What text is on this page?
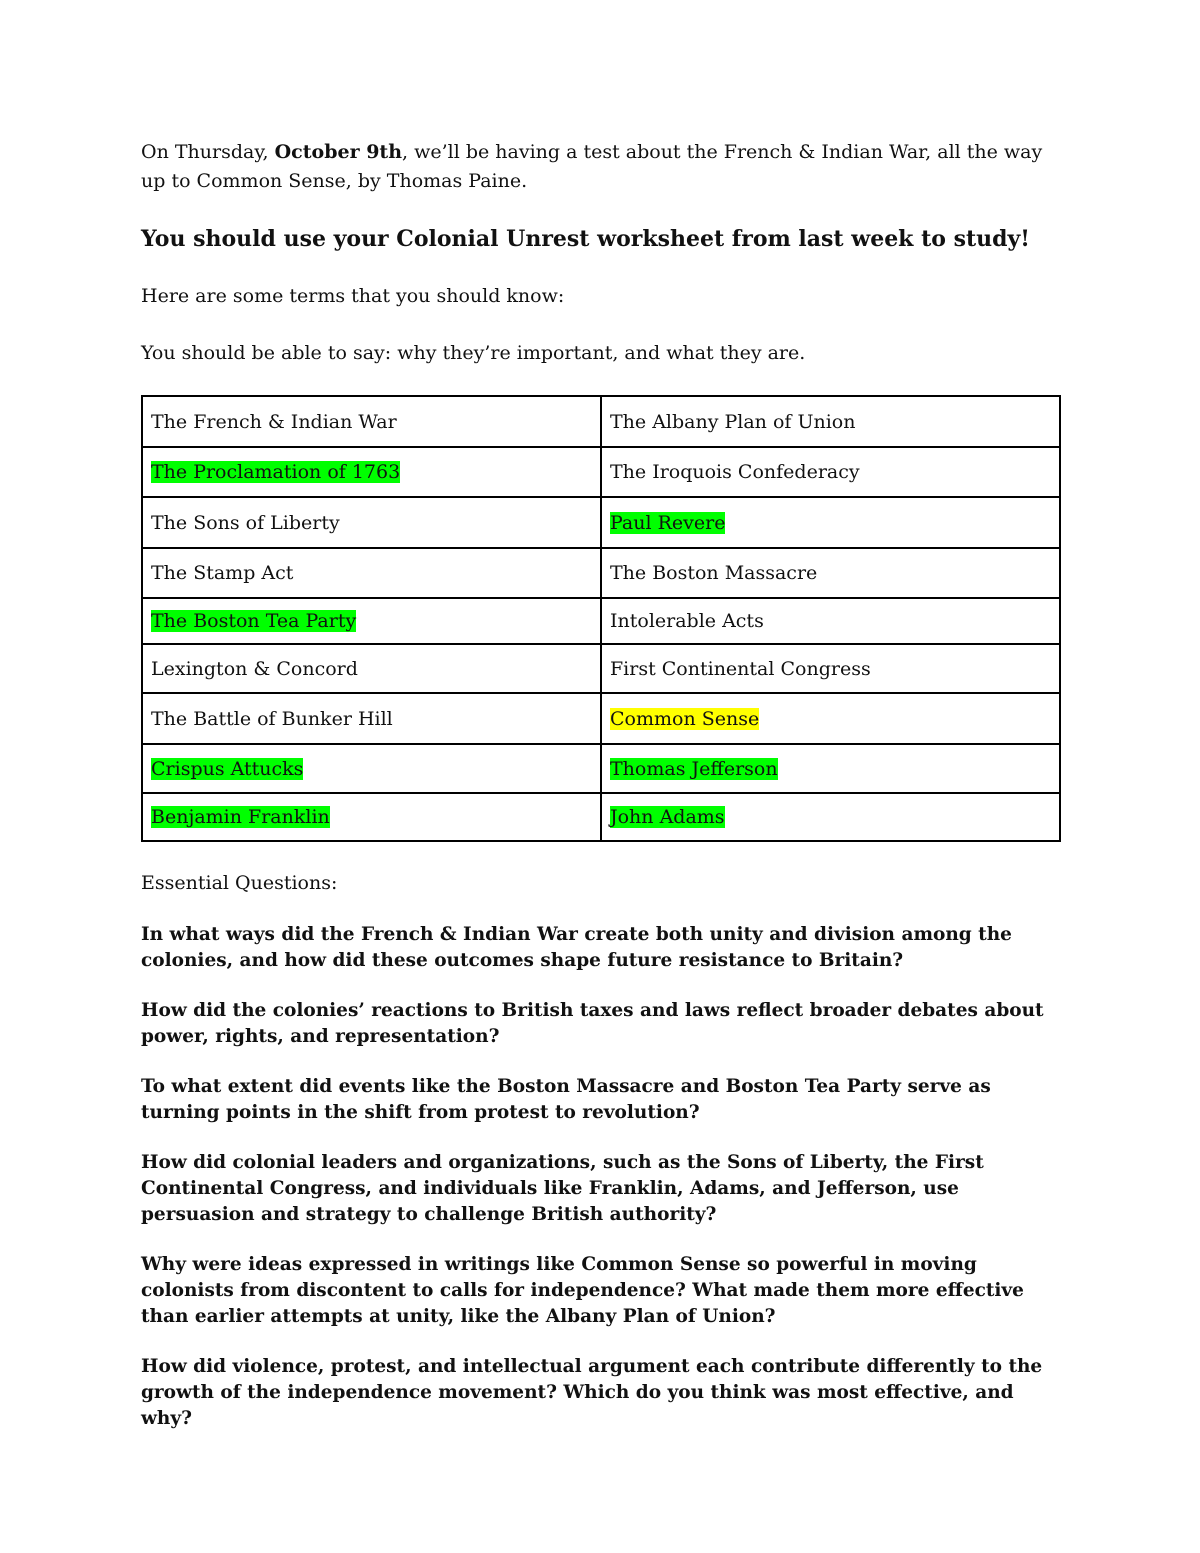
On Thursday, October 9th, we’ll be having a test about the French & Indian War, all the way up to Common Sense, by Thomas Paine.

You should use your Colonial Unrest worksheet from last week to study!

Here are some terms that you should know:

You should be able to say: why they’re important, and what they are.

The French & Indian War	The Albany Plan of Union
The Proclamation of 1763	The Iroquois Confederacy
The Sons of Liberty	Paul Revere
The Stamp Act	The Boston Massacre
The Boston Tea Party	Intolerable Acts
Lexington & Concord	First Continental Congress
The Battle of Bunker Hill	Common Sense
Crispus Attucks	Thomas Jefferson
Benjamin Franklin	John Adams

Essential Questions:

In what ways did the French & Indian War create both unity and division among the colonies, and how did these outcomes shape future resistance to Britain?

How did the colonies’ reactions to British taxes and laws reflect broader debates about power, rights, and representation?

To what extent did events like the Boston Massacre and Boston Tea Party serve as turning points in the shift from protest to revolution?

How did colonial leaders and organizations, such as the Sons of Liberty, the First Continental Congress, and individuals like Franklin, Adams, and Jefferson, use persuasion and strategy to challenge British authority?

Why were ideas expressed in writings like Common Sense so powerful in moving colonists from discontent to calls for independence? What made them more effective than earlier attempts at unity, like the Albany Plan of Union?

How did violence, protest, and intellectual argument each contribute differently to the growth of the independence movement? Which do you think was most effective, and why?
